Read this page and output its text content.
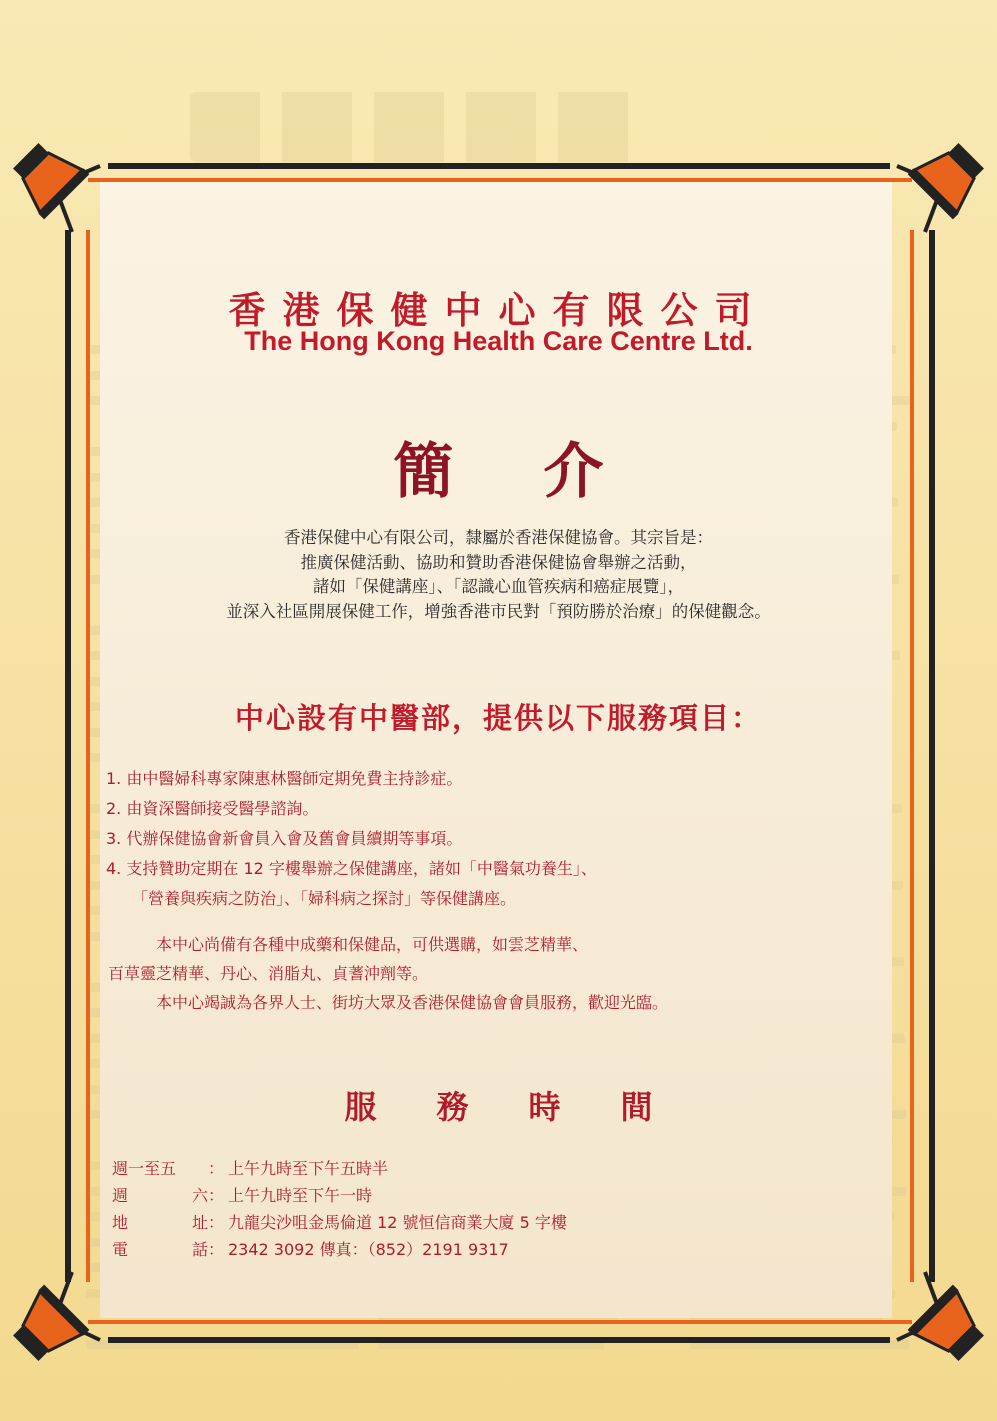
香港保健中心有限公司
The Hong Kong Health Care Centre Ltd.
簡介
香港保健中心有限公司，隸屬於香港保健協會。其宗旨是：
推廣保健活動、協助和贊助香港保健協會舉辦之活動，
諸如「保健講座」、「認識心血管疾病和癌症展覽」，
並深入社區開展保健工作，增強香港市民對「預防勝於治療」的保健觀念。
中心設有中醫部，提供以下服務項目：
1. 由中醫婦科專家陳惠林醫師定期免費主持診症。
2. 由資深醫師接受醫學諮詢。
3. 代辦保健協會新會員入會及舊會員續期等事項。
4. 支持贊助定期在 12 字樓舉辦之保健講座，諸如「中醫氣功養生」、
「營養與疾病之防治」、「婦科病之探討」等保健講座。
本中心尚備有各種中成藥和保健品，可供選購，如雲芝精華、
百草靈芝精華、丹心、消脂丸、貞蓍沖劑等。
本中心竭誠為各界人士、街坊大眾及香港保健協會會員服務，歡迎光臨。
服務時間
週一至五	： 上午九時至下午五時半
週	六 ： 上午九時至下午一時
地	址 ： 九龍尖沙咀金馬倫道 12 號恒信商業大廈 5 字樓
電	話 ： 2342 3092 傳真：（852）2191 9317
